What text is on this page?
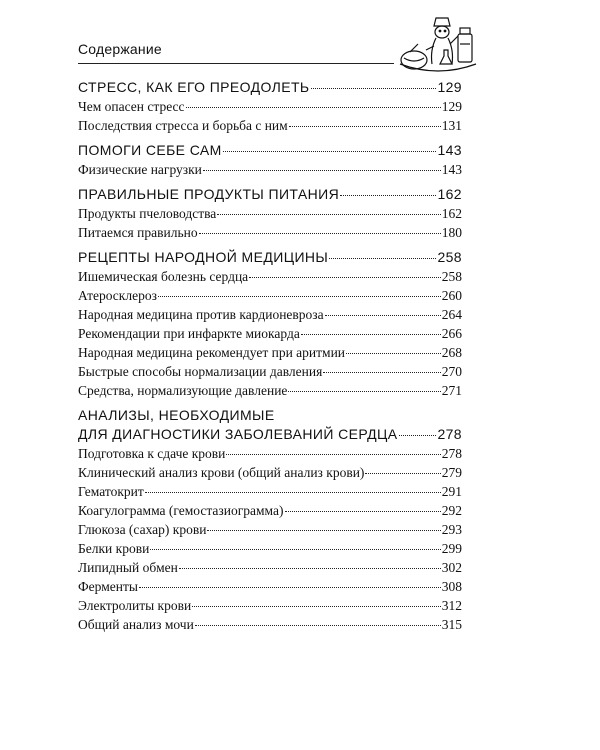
Содержание
СТРЕСС, КАК ЕГО ПРЕОДОЛЕТЬ	129
Чем опасен стресс	129
Последствия стресса и борьба с ним	131
ПОМОГИ СЕБЕ САМ	143
Физические нагрузки	143
ПРАВИЛЬНЫЕ ПРОДУКТЫ ПИТАНИЯ	162
Продукты пчеловодства	162
Питаемся правильно	180
РЕЦЕПТЫ НАРОДНОЙ МЕДИЦИНЫ	258
Ишемическая болезнь сердца	258
Атеросклероз	260
Народная медицина против кардионевроза	264
Рекомендации при инфаркте миокарда	266
Народная медицина рекомендует при аритмии	268
Быстрые способы нормализации давления	270
Средства, нормализующие давление	271
АНАЛИЗЫ, НЕОБХОДИМЫЕ
ДЛЯ ДИАГНОСТИКИ ЗАБОЛЕВАНИЙ СЕРДЦА	278
Подготовка к сдаче крови	278
Клинический анализ крови (общий анализ крови)	279
Гематокрит	291
Коагулограмма (гемостазиограмма)	292
Глюкоза (сахар) крови	293
Белки крови	299
Липидный обмен	302
Ферменты	308
Электролиты крови	312
Общий анализ мочи	315
